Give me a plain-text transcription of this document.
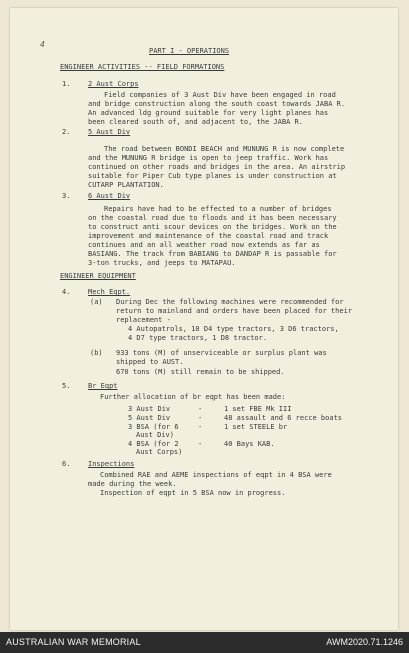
4
PART I - OPERATIONS
ENGINEER ACTIVITIES -- FIELD FORMATIONS
1.	2 Aust Corps
Field companies of 3 Aust Div have been engaged in road
and bridge construction along the south coast towards JABA R.
An advanced ldg ground suitable for very light planes has
been cleared south of, and adjacent to, the JABA R.
2.	5 Aust Div
The road between BONDI BEACH and MUNUNG R is now complete
and the MUNUNG R bridge is open to jeep traffic. Work has
continued on other roads and bridges in the area. An airstrip
suitable for Piper Cub type planes is under construction at
CUTARP PLANTATION.
3.	6 Aust Div
Repairs have had to be effected to a number of bridges
on the coastal road due to floods and it has been necessary
to construct anti scour devices on the bridges. Work on the
improvement and maintenance of the coastal road and track
continues and an all weather road now extends as far as
BASIANG. The track from BABIANG to DANDAP R is passable for
3-ton trucks, and jeeps to MATAPAU.
ENGINEER EQUIPMENT
4.	Mech Eqpt.
(a) During Dec the following machines were recommended for
return to mainland and orders have been placed for their
replacement -
4 Autopatrols, 10 D4 type tractors, 3 D6 tractors,
4 D7 type tractors, 1 D8 tractor.
(b) 933 tons (M) of unserviceable or surplus plant was
shipped to AUST.
670 tons (M) still remain to be shipped.
5.	Br Eqpt
Further allocation of br eqpt has been made:
3 Aust Div	-	1 set FBE Mk III
5 Aust Div	-	48 assault and 6 recce boats
3 BSA (for 6	-	1 set STEELE br
Aust Div)
4 BSA (for 2	-	40 Bays KAB.
Aust Corps)
6.	Inspections
Combined RAE and AEME inspections of eqpt in 4 BSA were
made during the week.
Inspection of eqpt in 5 BSA now in progress.
AUSTRALIAN WAR MEMORIAL	AWM2020.71.1246
